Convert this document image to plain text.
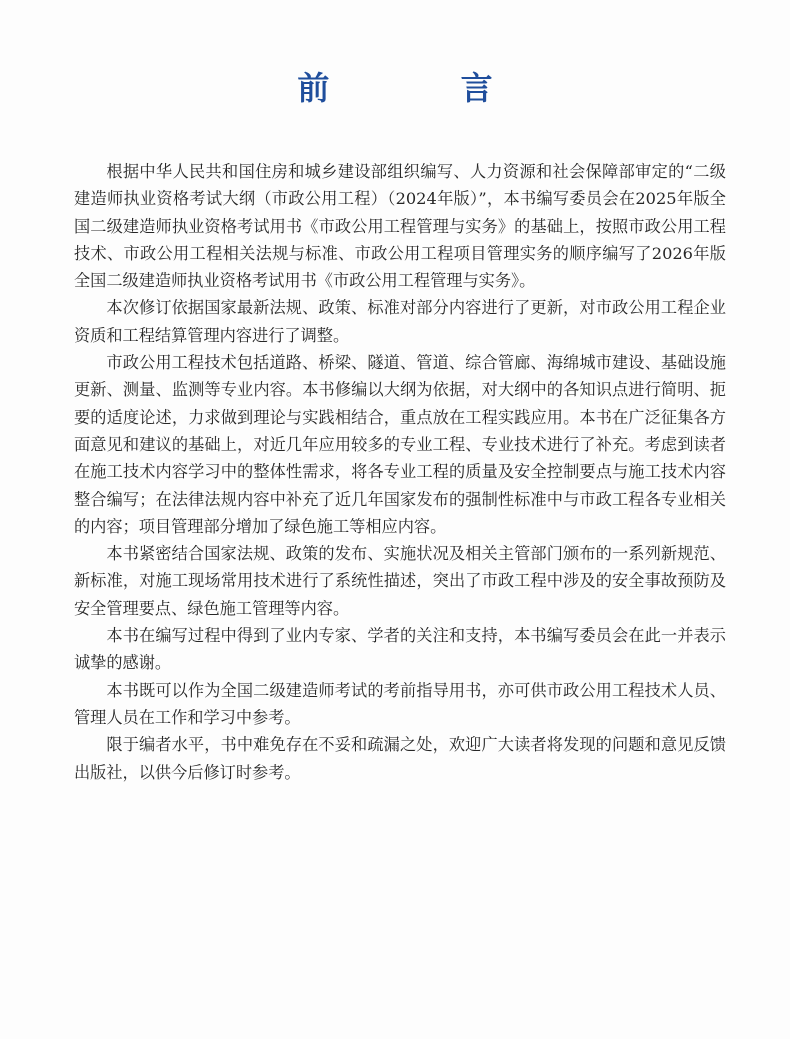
前 言

根据中华人民共和国住房和城乡建设部组织编写、人力资源和社会保障部审定的“二级建造师执业资格考试大纲（市政公用工程）（2024年版）”，本书编写委员会在2025年版全国二级建造师执业资格考试用书《市政公用工程管理与实务》的基础上，按照市政公用工程技术、市政公用工程相关法规与标准、市政公用工程项目管理实务的顺序编写了2026年版全国二级建造师执业资格考试用书《市政公用工程管理与实务》。

本次修订依据国家最新法规、政策、标准对部分内容进行了更新，对市政公用工程企业资质和工程结算管理内容进行了调整。

市政公用工程技术包括道路、桥梁、隧道、管道、综合管廊、海绵城市建设、基础设施更新、测量、监测等专业内容。本书修编以大纲为依据，对大纲中的各知识点进行简明、扼要的适度论述，力求做到理论与实践相结合，重点放在工程实践应用。本书在广泛征集各方面意见和建议的基础上，对近几年应用较多的专业工程、专业技术进行了补充。考虑到读者在施工技术内容学习中的整体性需求，将各专业工程的质量及安全控制要点与施工技术内容整合编写；在法律法规内容中补充了近几年国家发布的强制性标准中与市政工程各专业相关的内容；项目管理部分增加了绿色施工等相应内容。

本书紧密结合国家法规、政策的发布、实施状况及相关主管部门颁布的一系列新规范、新标准，对施工现场常用技术进行了系统性描述，突出了市政工程中涉及的安全事故预防及安全管理要点、绿色施工管理等内容。

本书在编写过程中得到了业内专家、学者的关注和支持，本书编写委员会在此一并表示诚挚的感谢。

本书既可以作为全国二级建造师考试的考前指导用书，亦可供市政公用工程技术人员、管理人员在工作和学习中参考。

限于编者水平，书中难免存在不妥和疏漏之处，欢迎广大读者将发现的问题和意见反馈出版社，以供今后修订时参考。
